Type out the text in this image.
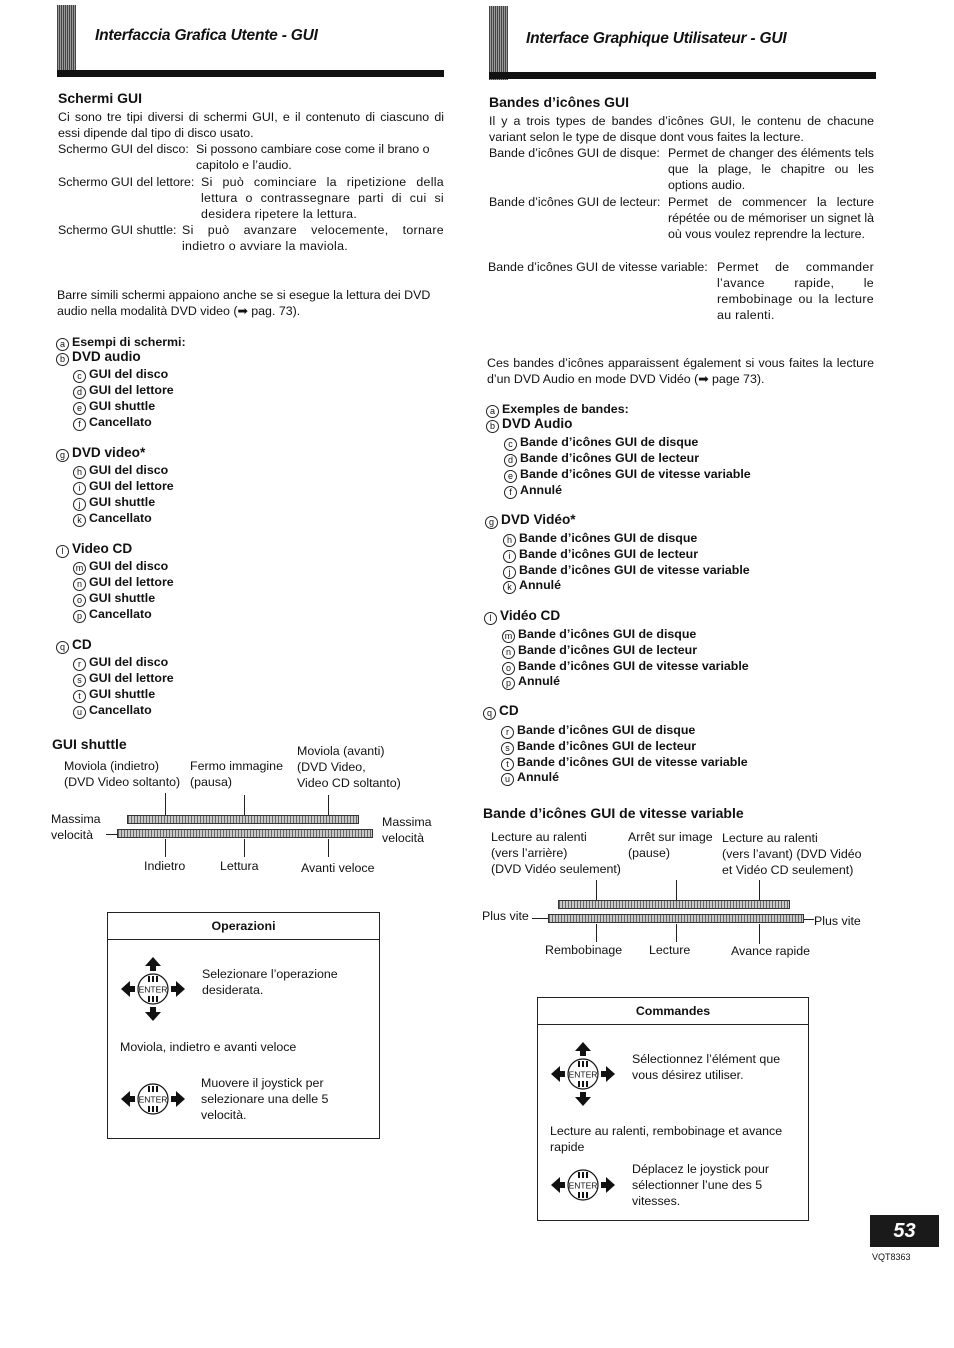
Interfaccia Grafica Utente - GUI
Schermi GUI
Ci sono tre tipi diversi di schermi GUI, e il contenuto di ciascuno di essi dipende dal tipo di disco usato.
Schermo GUI del disco: Si possono cambiare cose come il brano o capitolo e l’audio.
Schermo GUI del lettore: Si può cominciare la ripetizione della lettura o contrassegnare parti di cui si desidera ripetere la lettura.
Schermo GUI shuttle: Si può avanzare velocemente, tornare indietro o avviare la maviola.
Barre simili schermi appaiono anche se si esegue la lettura dei DVD audio nella modalità DVD video (➡ pag. 73).
a Esempi di schermi:
b DVD audio
c GUI del disco
d GUI del lettore
e GUI shuttle
f Cancellato
g DVD video*
h GUI del disco
i GUI del lettore
j GUI shuttle
k Cancellato
l Video CD
m GUI del disco
n GUI del lettore
o GUI shuttle
p Cancellato
q CD
r GUI del disco
s GUI del lettore
t GUI shuttle
u Cancellato
GUI shuttle
Moviola (indietro)
(DVD Video soltanto)
Fermo immagine
(pausa)
Moviola (avanti)
(DVD Video,
Video CD soltanto)
Massima
velocità
Massima
velocità
Indietro	Lettura	Avanti veloce
Operazioni
ENTER
Selezionare l’operazione desiderata.
Moviola, indietro e avanti veloce
ENTER
Muovere il joystick per selezionare una delle 5 velocità.
Interface Graphique Utilisateur - GUI
Bandes d’icônes GUI
Il y a trois types de bandes d’icônes GUI, le contenu de chacune variant selon le type de disque dont vous faites la lecture.
Bande d’icônes GUI de disque: Permet de changer des éléments tels que la plage, le chapitre ou les options audio.
Bande d’icônes GUI de lecteur: Permet de commencer la lecture répétée ou de mémoriser un signet là où vous voulez reprendre la lecture.
Bande d’icônes GUI de vitesse variable: Permet de commander l’avance rapide, le rembobinage ou la lecture au ralenti.
Ces bandes d’icônes apparaissent également si vous faites la lecture d’un DVD Audio en mode DVD Vidéo (➡ page 73).
a Exemples de bandes:
b DVD Audio
c Bande d’icônes GUI de disque
d Bande d’icônes GUI de lecteur
e Bande d’icônes GUI de vitesse variable
f Annulé
g DVD Vidéo*
h Bande d’icônes GUI de disque
i Bande d’icônes GUI de lecteur
j Bande d’icônes GUI de vitesse variable
k Annulé
l Vidéo CD
m Bande d’icônes GUI de disque
n Bande d’icônes GUI de lecteur
o Bande d’icônes GUI de vitesse variable
p Annulé
q CD
r Bande d’icônes GUI de disque
s Bande d’icônes GUI de lecteur
t Bande d’icônes GUI de vitesse variable
u Annulé
Bande d’icônes GUI de vitesse variable
Lecture au ralenti
(vers l’arrière)
(DVD Vidéo seulement)
Arrêt sur image
(pause)
Lecture au ralenti
(vers l’avant) (DVD Vidéo
et Vidéo CD seulement)
Plus vite	Plus vite
Rembobinage Lecture	Avance rapide
Commandes
ENTER
Sélectionnez l’élément que vous désirez utiliser.
Lecture au ralenti, rembobinage et avance rapide
ENTER
Déplacez le joystick pour sélectionner l’une des 5 vitesses.
53
VQT8363
